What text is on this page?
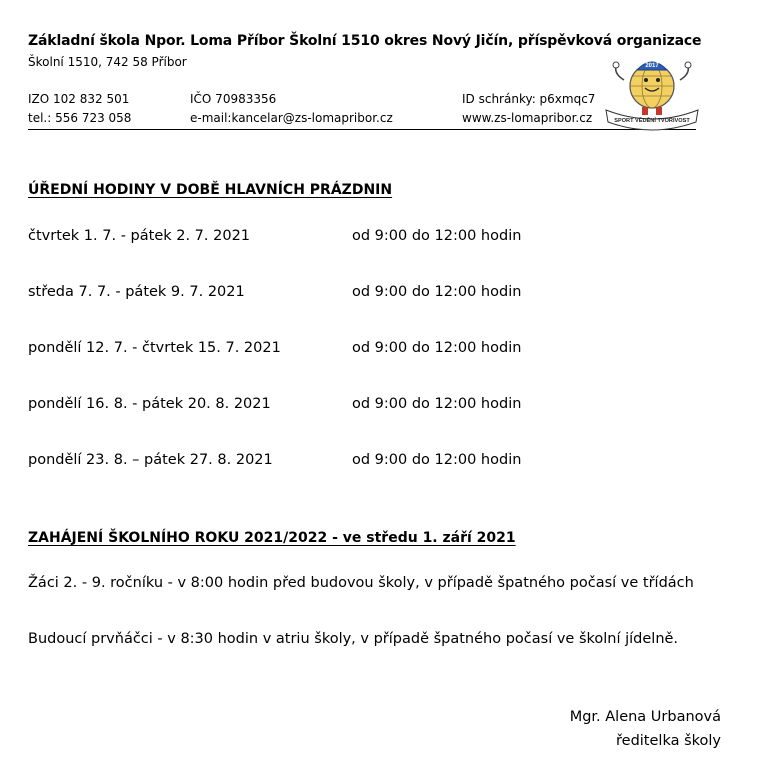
Základní škola Npor. Loma Příbor Školní 1510 okres Nový Jičín, příspěvková organizace
Školní 1510, 742 58 Příbor
IZO 102 832 501	IČO 70983356	ID schránky: p6xmqc7
tel.: 556 723 058	e-mail:kancelar@zs-lomapribor.cz	www.zs-lomapribor.cz
2017
SPORT VĚDĚNÍ TVOŘIVOST
ÚŘEDNÍ HODINY V DOBĚ HLAVNÍCH PRÁZDNIN
čtvrtek 1. 7. - pátek 2. 7. 2021	od 9:00 do 12:00 hodin
středa 7. 7. - pátek 9. 7. 2021	od 9:00 do 12:00 hodin
pondělí 12. 7. - čtvrtek 15. 7. 2021	od 9:00 do 12:00 hodin
pondělí 16. 8. - pátek 20. 8. 2021	od 9:00 do 12:00 hodin
pondělí 23. 8. – pátek 27. 8. 2021	od 9:00 do 12:00 hodin
ZAHÁJENÍ ŠKOLNÍHO ROKU 2021/2022 - ve středu 1. září 2021
Žáci 2. - 9. ročníku - v 8:00 hodin před budovou školy, v případě špatného počasí ve třídách
Budoucí prvňáčci - v 8:30 hodin v atriu školy, v případě špatného počasí ve školní jídelně.
Mgr. Alena Urbanová
ředitelka školy
